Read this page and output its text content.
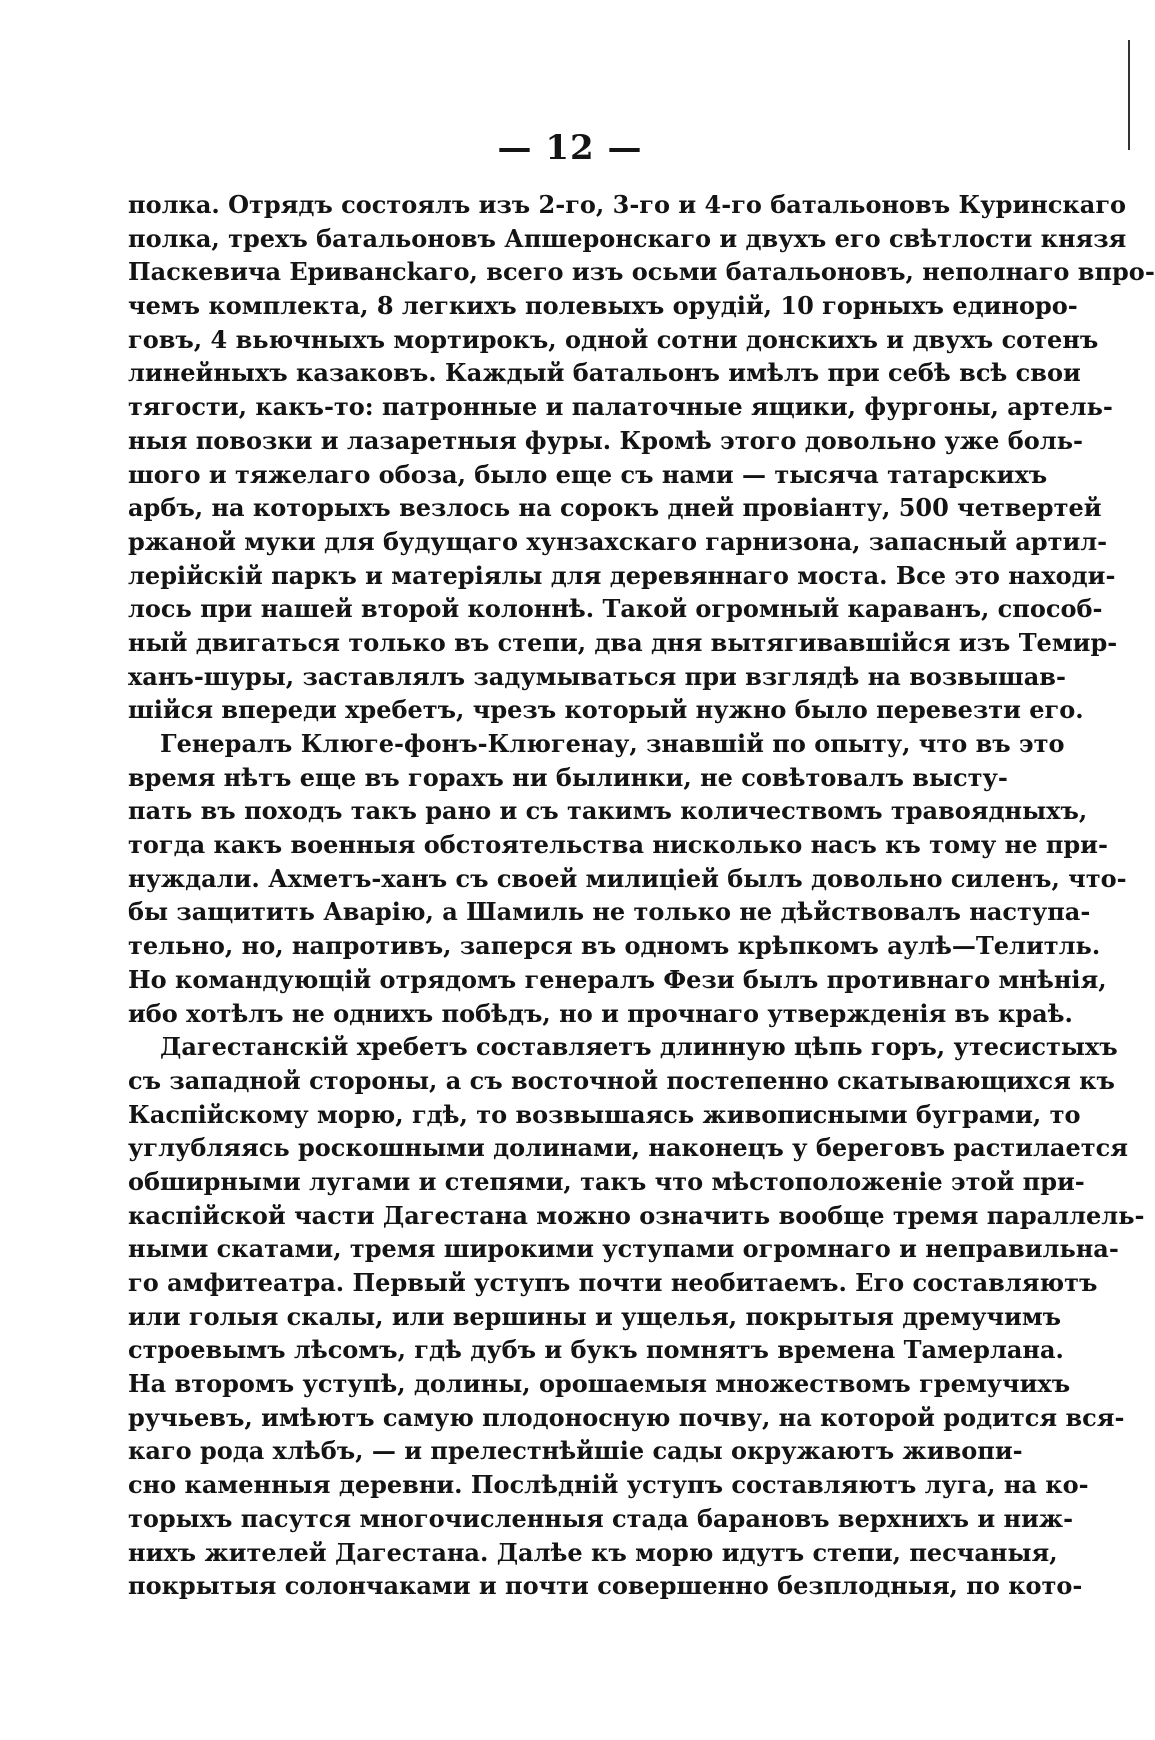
— 12 —
полка. Отрядъ состоялъ изъ 2-го, 3-го и 4-го батальоновъ Куринскаго
полка, трехъ батальоновъ Апшеронскаго и двухъ его свѣтлости князя
Паскевича Еривансkaго, всего изъ осьми батальоновъ, неполнаго впро-
чемъ комплекта, 8 легкихъ полевыхъ орудій, 10 горныхъ единоро-
говъ, 4 вьючныхъ мортирокъ, одной сотни донскихъ и двухъ сотенъ
линейныхъ казаковъ. Каждый батальонъ имѣлъ при себѣ всѣ свои
тягости, какъ-то: патронные и палаточные ящики, фургоны, артель-
ныя повозки и лазаретныя фуры. Кромѣ этого довольно уже боль-
шого и тяжелаго обоза, было еще съ нами — тысяча татарскихъ
арбъ, на которыхъ везлось на сорокъ дней провіанту, 500 четвертей
ржаной муки для будущаго хунзахскаго гарнизона, запасный артил-
лерійскій паркъ и матеріялы для деревяннаго моста. Все это находи-
лось при нашей второй колоннѣ. Такой огромный караванъ, способ-
ный двигаться только въ степи, два дня вытягивавшійся изъ Темир-
ханъ-шуры, заставлялъ задумываться при взглядѣ на возвышав-
шійся впереди хребетъ, чрезъ который нужно было перевезти его.
Генералъ Клюге-фонъ-Клюгенау, знавшій по опыту, что въ это
время нѣтъ еще въ горахъ ни былинки, не совѣтовалъ высту-
пать въ походъ такъ рано и съ такимъ количествомъ травоядныхъ,
тогда какъ военныя обстоятельства нисколько насъ къ тому не при-
нуждали. Ахметъ-ханъ съ своей милиціей былъ довольно силенъ, что-
бы защитить Аварію, а Шамиль не только не дѣйствовалъ наступа-
тельно, но, напротивъ, заперся въ одномъ крѣпкомъ аулѣ—Телитль.
Но командующій отрядомъ генералъ Фези былъ противнаго мнѣнія,
ибо хотѣлъ не однихъ побѣдъ, но и прочнаго утвержденія въ краѣ.
Дагестанскій хребетъ составляетъ длинную цѣпь горъ, утесистыхъ
съ западной стороны, а съ восточной постепенно скатывающихся къ
Каспійскому морю, гдѣ, то возвышаясь живописными буграми, то
углубляясь роскошными долинами, наконецъ у береговъ растилается
обширными лугами и степями, такъ что мѣстоположеніе этой при-
каспійской части Дагестана можно означить вообще тремя параллель-
ными скатами, тремя широкими уступами огромнаго и неправильна-
го амфитеатра. Первый уступъ почти необитаемъ. Его составляютъ
или голыя скалы, или вершины и ущелья, покрытыя дремучимъ
строевымъ лѣсомъ, гдѣ дубъ и букъ помнятъ времена Тамерлана.
На второмъ уступѣ, долины, орошаемыя множествомъ гремучихъ
ручьевъ, имѣютъ самую плодоносную почву, на которой родится вся-
каго рода хлѣбъ, — и прелестнѣйшіе сады окружаютъ живопи-
сно каменныя деревни. Послѣдній уступъ составляютъ луга, на ко-
торыхъ пасутся многочисленныя стада барановъ верхнихъ и ниж-
нихъ жителей Дагестана. Далѣе къ морю идутъ степи, песчаныя,
покрытыя солончаками и почти совершенно безплодныя, по кото-
